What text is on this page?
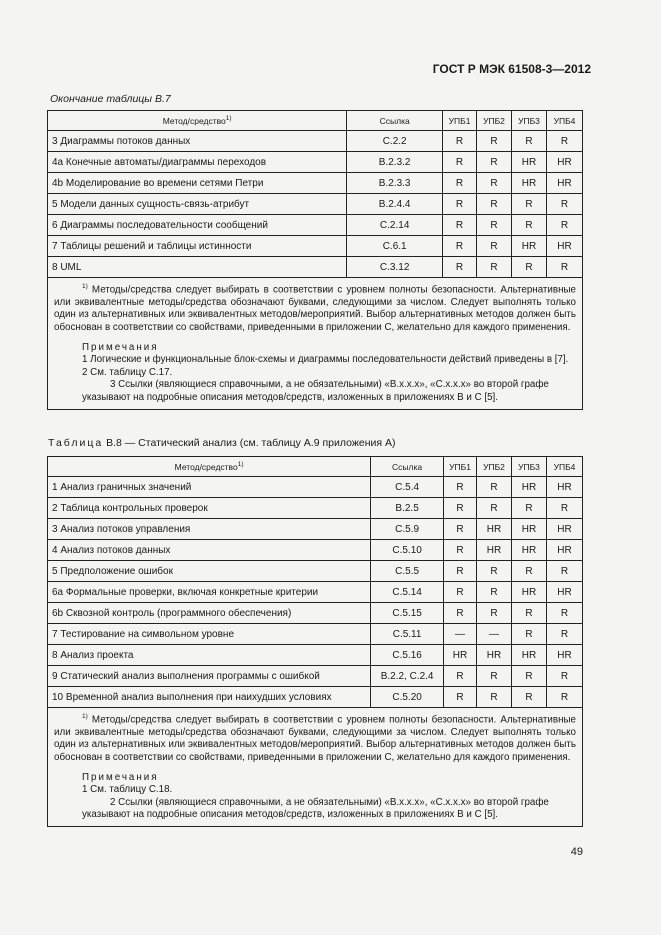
ГОСТ Р МЭК 61508-3—2012
Окончание таблицы В.7
Метод/средство$^{1)}$	Ссылка	УПБ1	УПБ2	УПБ3	УПБ4
3 Диаграммы потоков данных	C.2.2	R	R	R	R
4a Конечные автоматы/диаграммы переходов	B.2.3.2	R	R	HR	HR
4b Моделирование во времени сетями Петри	B.2.3.3	R	R	HR	HR
5 Модели данных сущность-связь-атрибут	B.2.4.4	R	R	R	R
6 Диаграммы последовательности сообщений	C.2.14	R	R	R	R
7 Таблицы решений и таблицы истинности	C.6.1	R	R	HR	HR
8 UML	C.3.12	R	R	R	R

$^{1)}$ Методы/средства следует выбирать в соответствии с уровнем полноты безопасности. Альтернативные или эквивалентные методы/средства обозначают буквами, следующими за числом. Следует выполнять только один из альтернативных или эквивалентных методов/мероприятий. Выбор альтернативных методов должен быть обоснован в соответствии со свойствами, приведенными в приложении С, желательно для каждого применения.
Примечания
1 Логические и функциональные блок-схемы и диаграммы последовательности действий приведены в [7].
2 См. таблицу С.17.
3 Ссылки (являющиеся справочными, а не обязательными) «В.х.х.х», «С.х.х.х» во второй графе указывают на подробные описания методов/средств, изложенных в приложениях В и С [5].					
Таблица В.8 — Статический анализ (см. таблицу А.9 приложения А)
Метод/средство$^{1)}$	Ссылка	УПБ1	УПБ2	УПБ3	УПБ4
1 Анализ граничных значений	C.5.4	R	R	HR	HR
2 Таблица контрольных проверок	B.2.5	R	R	R	R
3 Анализ потоков управления	C.5.9	R	HR	HR	HR
4 Анализ потоков данных	C.5.10	R	HR	HR	HR
5 Предположение ошибок	C.5.5	R	R	R	R
6a Формальные проверки, включая конкретные критерии	C.5.14	R	R	HR	HR
6b Сквозной контроль (программного обеспечения)	C.5.15	R	R	R	R
7 Тестирование на символьном уровне	C.5.11	—	—	R	R
8 Анализ проекта	C.5.16	HR	HR	HR	HR
9 Статический анализ выполнения программы с ошибкой	B.2.2, C.2.4	R	R	R	R
10 Временной анализ выполнения при наихудших условиях	C.5.20	R	R	R	R

$^{1)}$ Методы/средства следует выбирать в соответствии с уровнем полноты безопасности. Альтернативные или эквивалентные методы/средства обозначают буквами, следующими за числом. Следует выполнять только один из альтернативных или эквивалентных методов/мероприятий. Выбор альтернативных методов должен быть обоснован в соответствии со свойствами, приведенными в приложении С, желательно для каждого применения.
Примечания
1 См. таблицу С.18.
2 Ссылки (являющиеся справочными, а не обязательными) «В.х.х.х», «С.х.х.х» во второй графе указывают на подробные описания методов/средств, изложенных в приложениях В и С [5].					
49
